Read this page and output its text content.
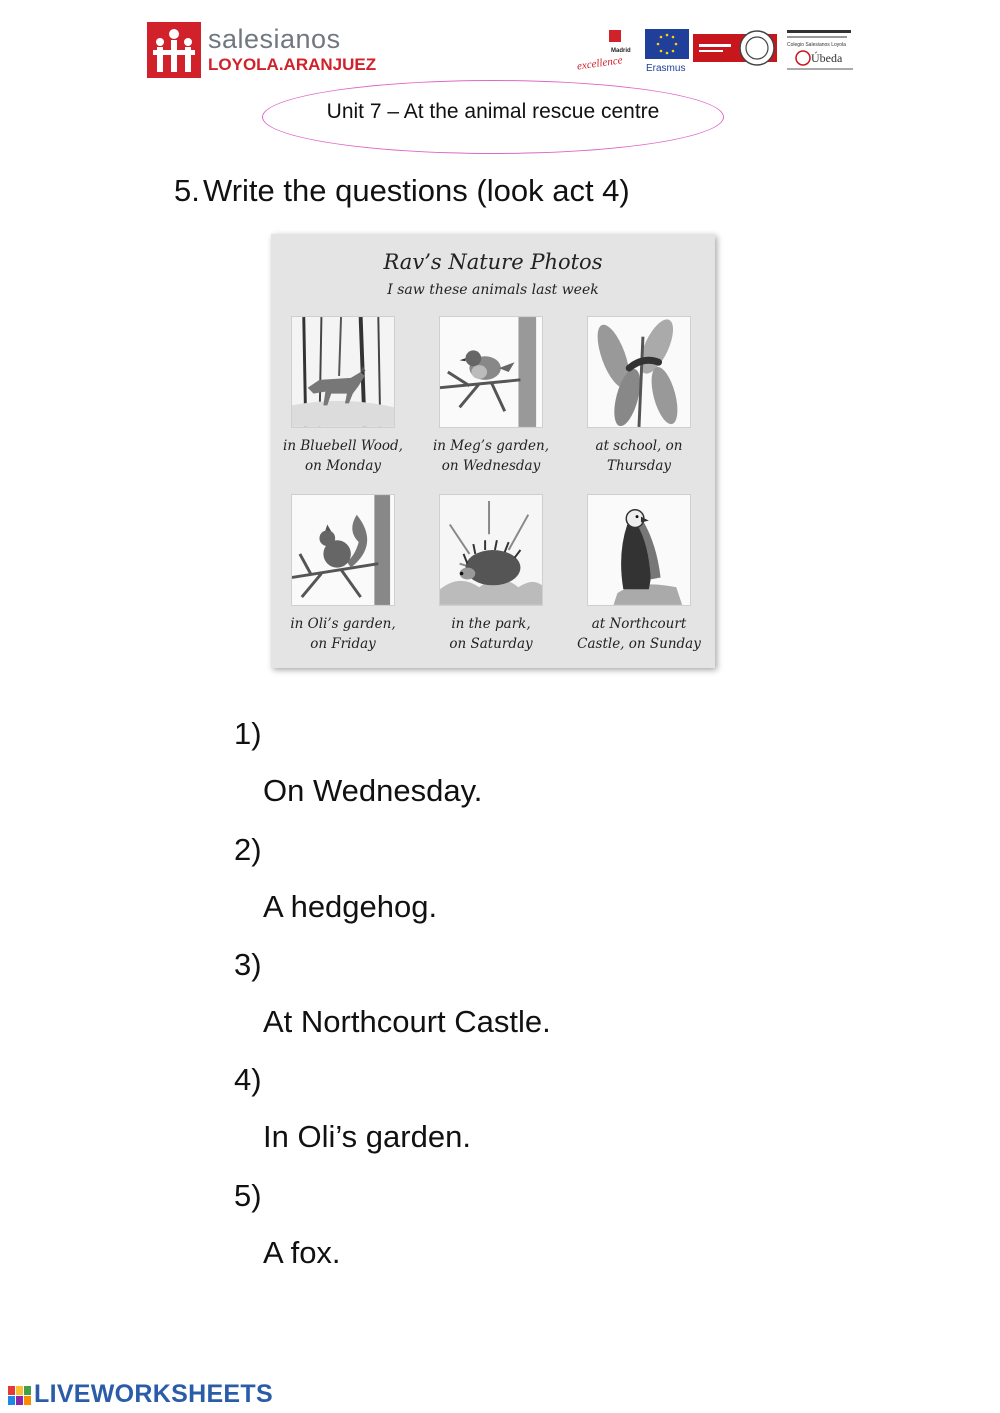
salesianos
LOYOLA.ARANJUEZ
Madrid
excellence Erasmus
Colegio Salesianos Loyola
Úbeda
Unit 7 – At the animal rescue centre
5. Write the questions (look act 4)
Rav’s Nature Photos
I saw these animals last week
in Bluebell Wood,
on Monday
in Meg’s garden,
on Wednesday
at school, on
Thursday
in Oli’s garden,
on Friday
in the park,
on Saturday
at Northcourt
Castle, on Sunday
1)
On Wednesday.
2)
A hedgehog.
3)
At Northcourt Castle.
4)
In Oli’s garden.
5)
A fox.
LIVEWORKSHEETS
